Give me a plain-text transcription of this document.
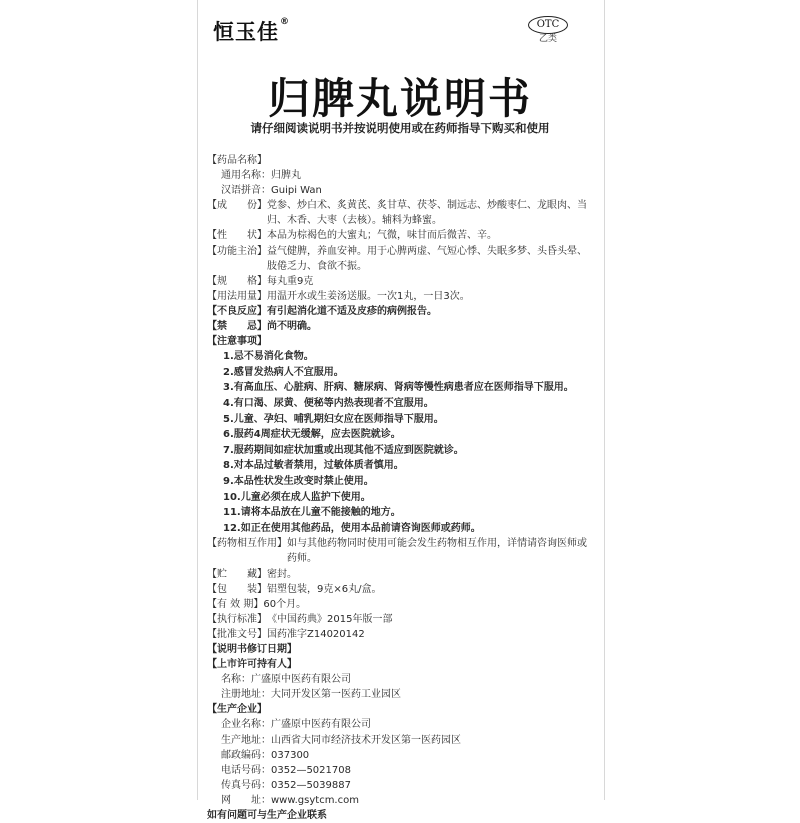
恒玉佳®	OTC
乙类
归脾丸说明书
请仔细阅读说明书并按说明使用或在药师指导下购买和使用
【药品名称】
通用名称： 归脾丸
汉语拼音： Guipi Wan
【成　　份】 党参、炒白术、炙黄芪、炙甘草、茯苓、制远志、炒酸枣仁、龙眼肉、当归、木香、大枣（去核）。辅料为蜂蜜。
【性　　状】 本品为棕褐色的大蜜丸；气微，味甘而后微苦、辛。
【功能主治】 益气健脾，养血安神。用于心脾两虚、气短心悸、失眠多梦、头昏头晕、肢倦乏力、食欲不振。
【规　　格】 每丸重9克
【用法用量】 用温开水或生姜汤送服。一次1丸，一日3次。
【不良反应】 有引起消化道不适及皮疹的病例报告。
【禁　　忌】 尚不明确。
【注意事项】
1.忌不易消化食物。
2.感冒发热病人不宜服用。
3.有高血压、心脏病、肝病、糖尿病、肾病等慢性病患者应在医师指导下服用。
4.有口渴、尿黄、便秘等内热表现者不宜服用。
5.儿童、孕妇、哺乳期妇女应在医师指导下服用。
6.服药4周症状无缓解，应去医院就诊。
7.服药期间如症状加重或出现其他不适应到医院就诊。
8.对本品过敏者禁用，过敏体质者慎用。
9.本品性状发生改变时禁止使用。
10.儿童必须在成人监护下使用。
11.请将本品放在儿童不能接触的地方。
12.如正在使用其他药品，使用本品前请咨询医师或药师。
【药物相互作用】 如与其他药物同时使用可能会发生药物相互作用，详情请咨询医师或药师。
【贮　　藏】 密封。
【包　　装】 铝塑包装，9克×6丸/盒。
【有 效 期】 60个月。
【执行标准】 《中国药典》2015年版一部
【批准文号】 国药准字Z14020142
【说明书修订日期】
【上市许可持有人】
名称： 广盛原中医药有限公司
注册地址： 大同开发区第一医药工业园区
【生产企业】
企业名称： 广盛原中医药有限公司
生产地址： 山西省大同市经济技术开发区第一医药园区
邮政编码： 037300
电话号码： 0352—5021708
传真号码： 0352—5039887
网　　址： www.gsytcm.com
如有问题可与生产企业联系
